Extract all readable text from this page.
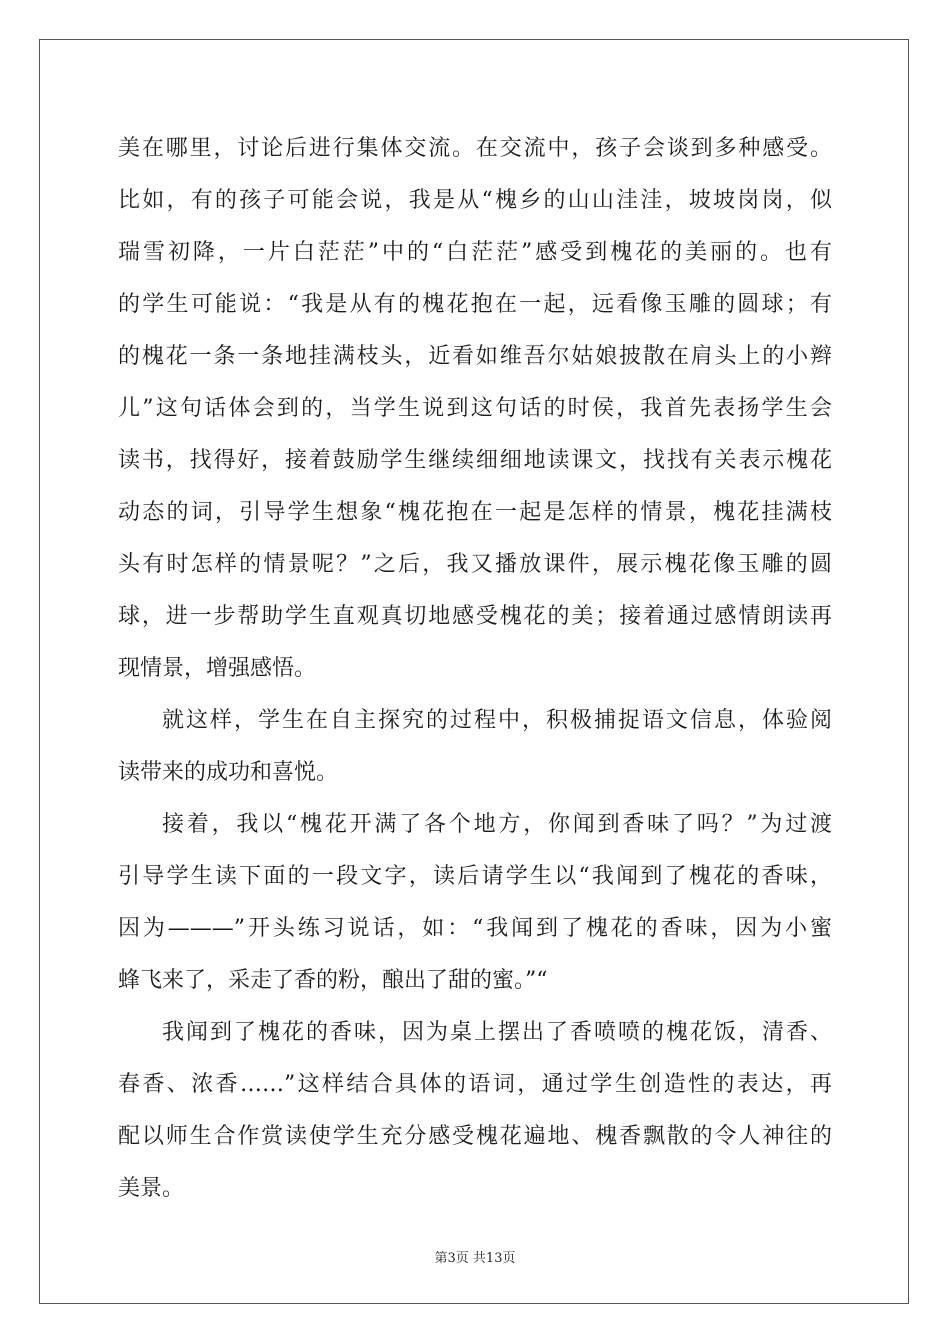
美在哪里，讨论后进行集体交流。在交流中，孩子会谈到多种感受。
比如，有的孩子可能会说，我是从“槐乡的山山洼洼，坡坡岗岗，似
瑞雪初降，一片白茫茫”中的“白茫茫”感受到槐花的美丽的。也有
的学生可能说：“我是从有的槐花抱在一起，远看像玉雕的圆球；有
的槐花一条一条地挂满枝头，近看如维吾尔姑娘披散在肩头上的小辫
儿”这句话体会到的，当学生说到这句话的时侯，我首先表扬学生会
读书，找得好，接着鼓励学生继续细细地读课文，找找有关表示槐花
动态的词，引导学生想象“槐花抱在一起是怎样的情景，槐花挂满枝
头有时怎样的情景呢？”之后，我又播放课件，展示槐花像玉雕的圆
球，进一步帮助学生直观真切地感受槐花的美；接着通过感情朗读再
现情景，增强感悟。
就这样，学生在自主探究的过程中，积极捕捉语文信息，体验阅
读带来的成功和喜悦。
接着，我以“槐花开满了各个地方，你闻到香味了吗？”为过渡
引导学生读下面的一段文字，读后请学生以“我闻到了槐花的香味，
因为———”开头练习说话，如：“我闻到了槐花的香味，因为小蜜
蜂飞来了，采走了香的粉，酿出了甜的蜜。”“
我闻到了槐花的香味，因为桌上摆出了香喷喷的槐花饭，清香、
春香、浓香……”这样结合具体的语词，通过学生创造性的表达，再
配以师生合作赏读使学生充分感受槐花遍地、槐香飘散的令人神往的
美景。
第3页 共13页
